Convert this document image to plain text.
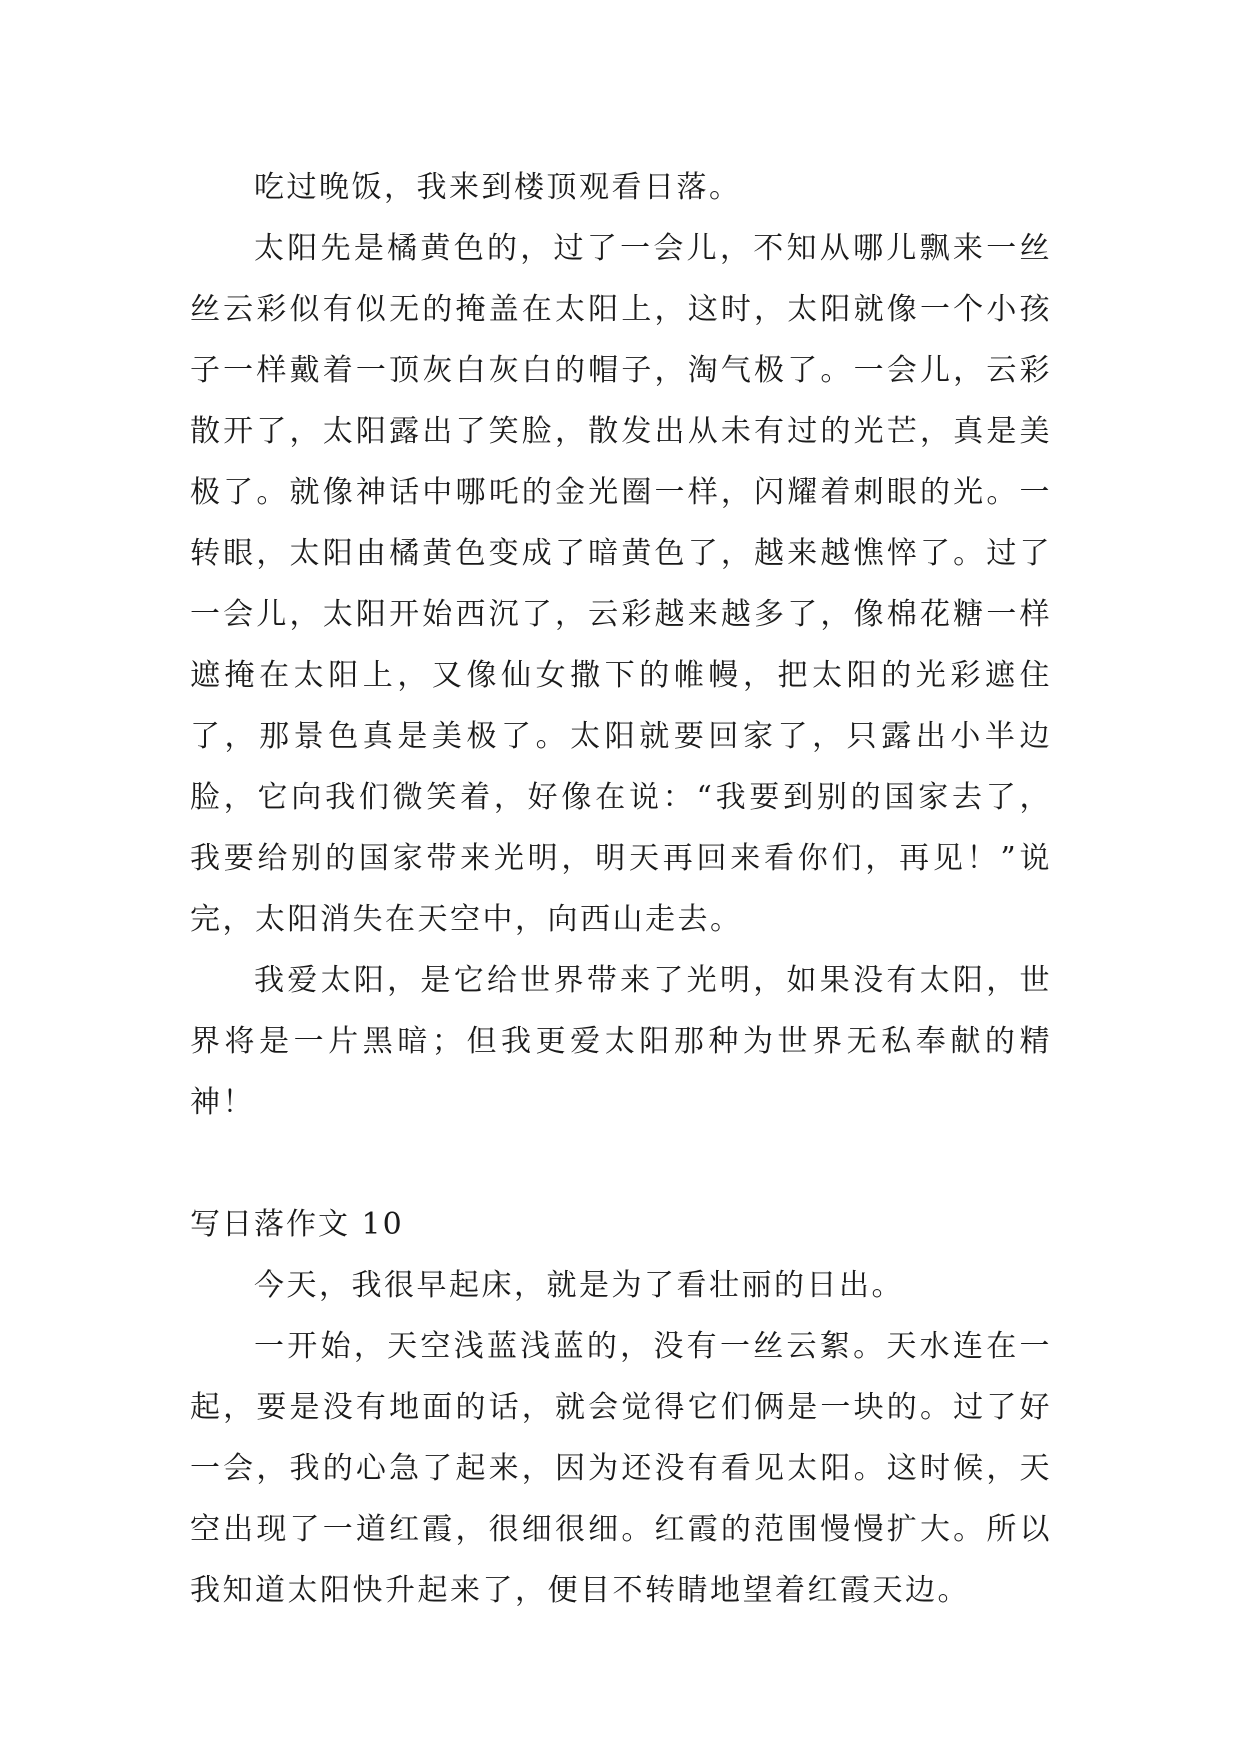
吃过晚饭，我来到楼顶观看日落。

太阳先是橘黄色的，过了一会儿，不知从哪儿飘来一丝丝云彩似有似无的掩盖在太阳上，这时，太阳就像一个小孩子一样戴着一顶灰白灰白的帽子，淘气极了。一会儿，云彩散开了，太阳露出了笑脸，散发出从未有过的光芒，真是美极了。就像神话中哪吒的金光圈一样，闪耀着刺眼的光。一转眼，太阳由橘黄色变成了暗黄色了，越来越憔悴了。过了一会儿，太阳开始西沉了，云彩越来越多了，像棉花糖一样遮掩在太阳上，又像仙女撒下的帷幔，把太阳的光彩遮住了，那景色真是美极了。太阳就要回家了，只露出小半边脸，它向我们微笑着，好像在说：“我要到别的国家去了，我要给别的国家带来光明，明天再回来看你们，再见！”说完，太阳消失在天空中，向西山走去。

我爱太阳，是它给世界带来了光明，如果没有太阳，世界将是一片黑暗；但我更爱太阳那种为世界无私奉献的精神！

写日落作文 10

今天，我很早起床，就是为了看壮丽的日出。

一开始，天空浅蓝浅蓝的，没有一丝云絮。天水连在一起，要是没有地面的话，就会觉得它们俩是一块的。过了好一会，我的心急了起来，因为还没有看见太阳。这时候，天空出现了一道红霞，很细很细。红霞的范围慢慢扩大。所以我知道太阳快升起来了，便目不转睛地望着红霞天边。
